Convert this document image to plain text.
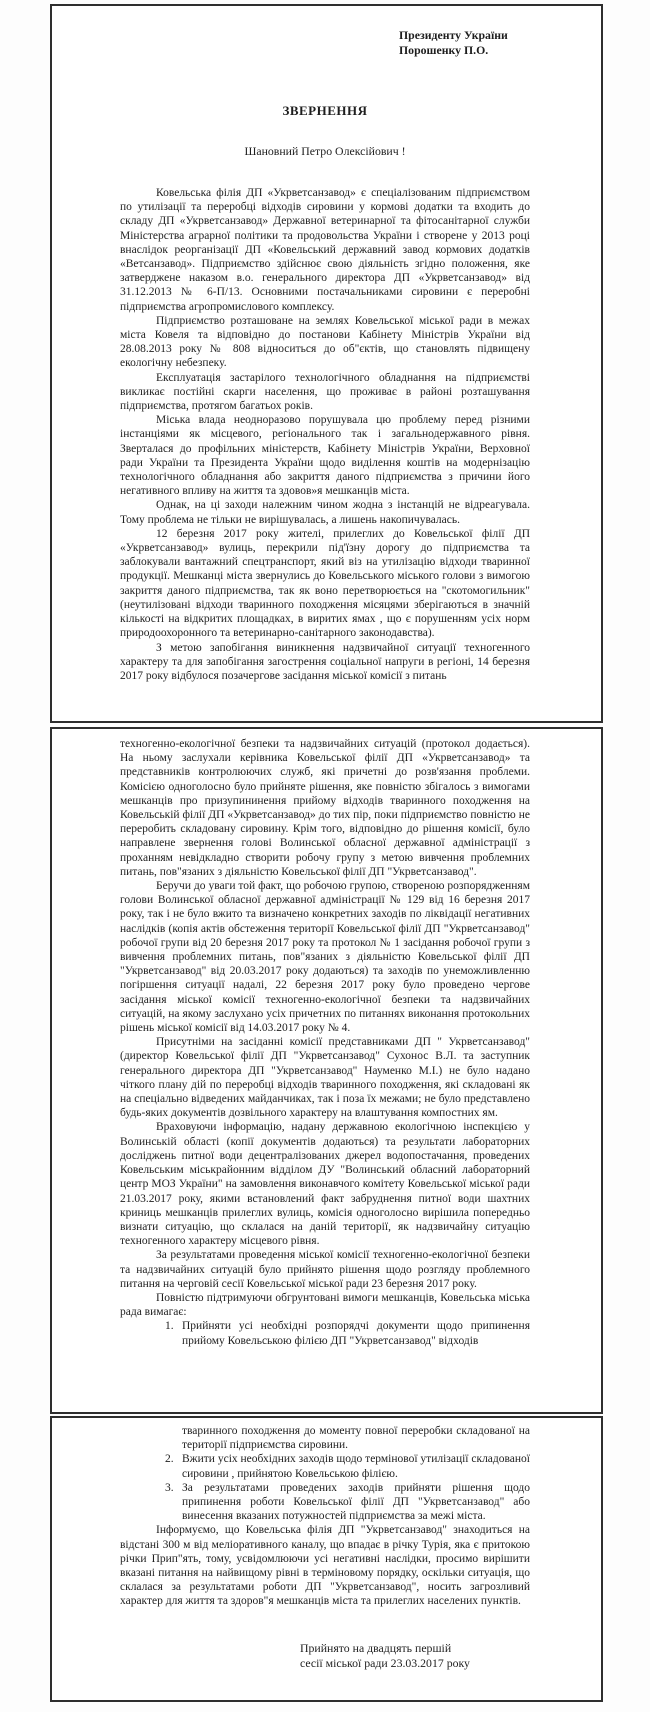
Президенту України
Порошенку П.О.
ЗВЕРНЕННЯ
Шановний Петро Олексійович !

Ковельська філія ДП «Укрветсанзавод» є спеціалізованим підприємством по утилізації та переробці відходів сировини у кормові додатки та входить до складу ДП «Укрветсанзавод» Державної ветеринарної та фітосанітарної служби Міністерства аграрної політики та продовольства України і створене у 2013 році внаслідок реорганізації ДП «Ковельський державний завод кормових додатків «Ветсанзавод». Підприємство здійснює свою діяльність згідно положення, яке затверджене наказом в.о. генерального директора ДП «Укрветсанзавод» від 31.12.2013 № 6-П/13. Основними постачальниками сировини є переробні підприємства агропромислового комплексу.

Підприємство розташоване на землях Ковельської міської ради в межах міста Ковеля та відповідно до постанови Кабінету Міністрів України від 28.08.2013 року № 808 відноситься до об"єктів, що становлять підвищену екологічну небезпеку.

Експлуатація застарілого технологічного обладнання на підприємстві викликає постійні скарги населення, що проживає в районі розташування підприємства, протягом багатьох років.

Міська влада неодноразово порушувала цю проблему перед різними інстанціями як місцевого, регіонального так і загальнодержавного рівня. Зверталася до профільних міністерств, Кабінету Міністрів України, Верховної ради України та Президента України щодо виділення коштів на модернізацію технологічного обладнання або закриття даного підприємства з причини його негативного впливу на життя та здовов»я мешканців міста.

Однак, на ці заходи належним чином жодна з інстанцій не відреагувала. Тому проблема не тільки не вирішувалась, а лишень накопичувалась.

12 березня 2017 року жителі, прилеглих до Ковельської філії ДП «Укрветсанзавод» вулиць, перекрили під'їзну дорогу до підприємства та заблокували вантажний спецтранспорт, який віз на утилізацію відходи тваринної продукції. Мешканці міста звернулись до Ковельського міського голови з вимогою закриття даного підприємства, так як воно перетворюється на "скотомогильник" (неутилізовані відходи тваринного походження місяцями зберігаються в значній кількості на відкритих площадках, в виритих ямах , що є порушенням усіх норм природоохоронного та ветеринарно-санітарного законодавства).

З метою запобігання виникнення надзвичайної ситуації техногенного характеру та для запобігання загострення соціальної напруги в регіоні, 14 березня 2017 року відбулося позачергове засідання міської комісії з питань

техногенно-екологічної безпеки та надзвичайних ситуацій (протокол додається). На ньому заслухали керівника Ковельської філії ДП «Укрветсанзавод» та представників контролюючих служб, які причетні до розв'язання проблеми. Комісією одноголосно було прийняте рішення, яке повністю збігалось з вимогами мешканців про призупининення прийому відходів тваринного походження на Ковельській філії ДП «Укрветсанзавод» до тих пір, поки підприємство повністю не переробить складовану сировину. Крім того, відповідно до рішення комісії, було направлене звернення голові Волинської обласної державної адміністрації з проханням невідкладно створити робочу групу з метою вивчення проблемних питань, пов"язаних з діяльністю Ковельської філії ДП "Укрветсанзавод".

Беручи до уваги той факт, що робочою групою, створеною розпорядженням голови Волинської обласної державної адміністрації № 129 від 16 березня 2017 року, так і не було вжито та визначено конкретних заходів по ліквідації негативних наслідків (копія актів обстеження території Ковельської філії ДП "Укрветсанзавод" робочої групи від 20 березня 2017 року та протокол № 1 засідання робочої групи з вивчення проблемних питань, пов"язаних з діяльністю Ковельської філії ДП "Укрветсанзавод" від 20.03.2017 року додаються) та заходів по унеможливленню погіршення ситуації надалі, 22 березня 2017 року було проведено чергове засідання міської комісії техногенно-екологічної безпеки та надзвичайних ситуацій, на якому заслухано усіх причетних по питаннях виконання протокольних рішень міської комісії від 14.03.2017 року № 4.

Присутніми на засіданні комісії представниками ДП " Укрветсанзавод" (директор Ковельської філії ДП "Укрветсанзавод" Сухонос В.Л. та заступник генерального директора ДП "Укрветсанзавод" Науменко М.І.) не було надано чіткого плану дій по переробці відходів тваринного походження, які складовані як на спеціально відведених майданчиках, так і поза їх межами; не було представлено будь-яких документів дозвільного характеру на влаштування компостних ям.

Враховуючи інформацію, надану державною екологічною інспекцією у Волинській області (копії документів додаються) та результати лабораторних досліджень питної води децентралізованих джерел водопостачання, проведених Ковельським міськрайонним відділом ДУ "Волинський обласний лабораторний центр МОЗ України" на замовлення виконавчого комітету Ковельської міської ради 21.03.2017 року, якими встановлений факт забруднення питної води шахтних криниць мешканців прилеглих вулиць, комісія одноголосно вирішила попередньо визнати ситуацію, що склалася на даній території, як надзвичайну ситуацію техногенного характеру місцевого рівня.

За результатами проведення міської комісії техногенно-екологічної безпеки та надзвичайних ситуацій було прийнято рішення щодо розгляду проблемного питання на черговій сесії Ковельської міської ради 23 березня 2017 року.

Повністю підтримуючи обгрунтовані вимоги мешканців, Ковельська міська рада вимагає:

1. Прийняти усі необхідні розпорядчі документи щодо припинення прийому Ковельською філією ДП "Укрветсанзавод" відходів
тваринного походження до моменту повної переробки складованої на території підприємства сировини.
2. Вжити усіх необхідних заходів щодо термінової утилізації складованої сировини , прийнятою Ковельською філією.
3. За результатами проведених заходів прийняти рішення щодо припинення роботи Ковельської філії ДП "Укрветсанзавод" або винесення вказаних потужностей підприємства за межі міста.

Інформуємо, що Ковельська філія ДП "Укрветсанзавод" знаходиться на відстані 300 м від меліоративного каналу, що впадає в річку Турія, яка є притокою річки Прип"ять, тому, усвідомлюючи усі негативні наслідки, просимо вирішити вказані питання на найвищому рівні в терміновому порядку, оскільки ситуація, що склалася за результатами роботи ДП "Укрветсанзавод", носить загрозливий характер для життя та здоров"я мешканців міста та прилеглих населених пунктів.

Прийнято на двадцять першій
сесії міської ради 23.03.2017 року
